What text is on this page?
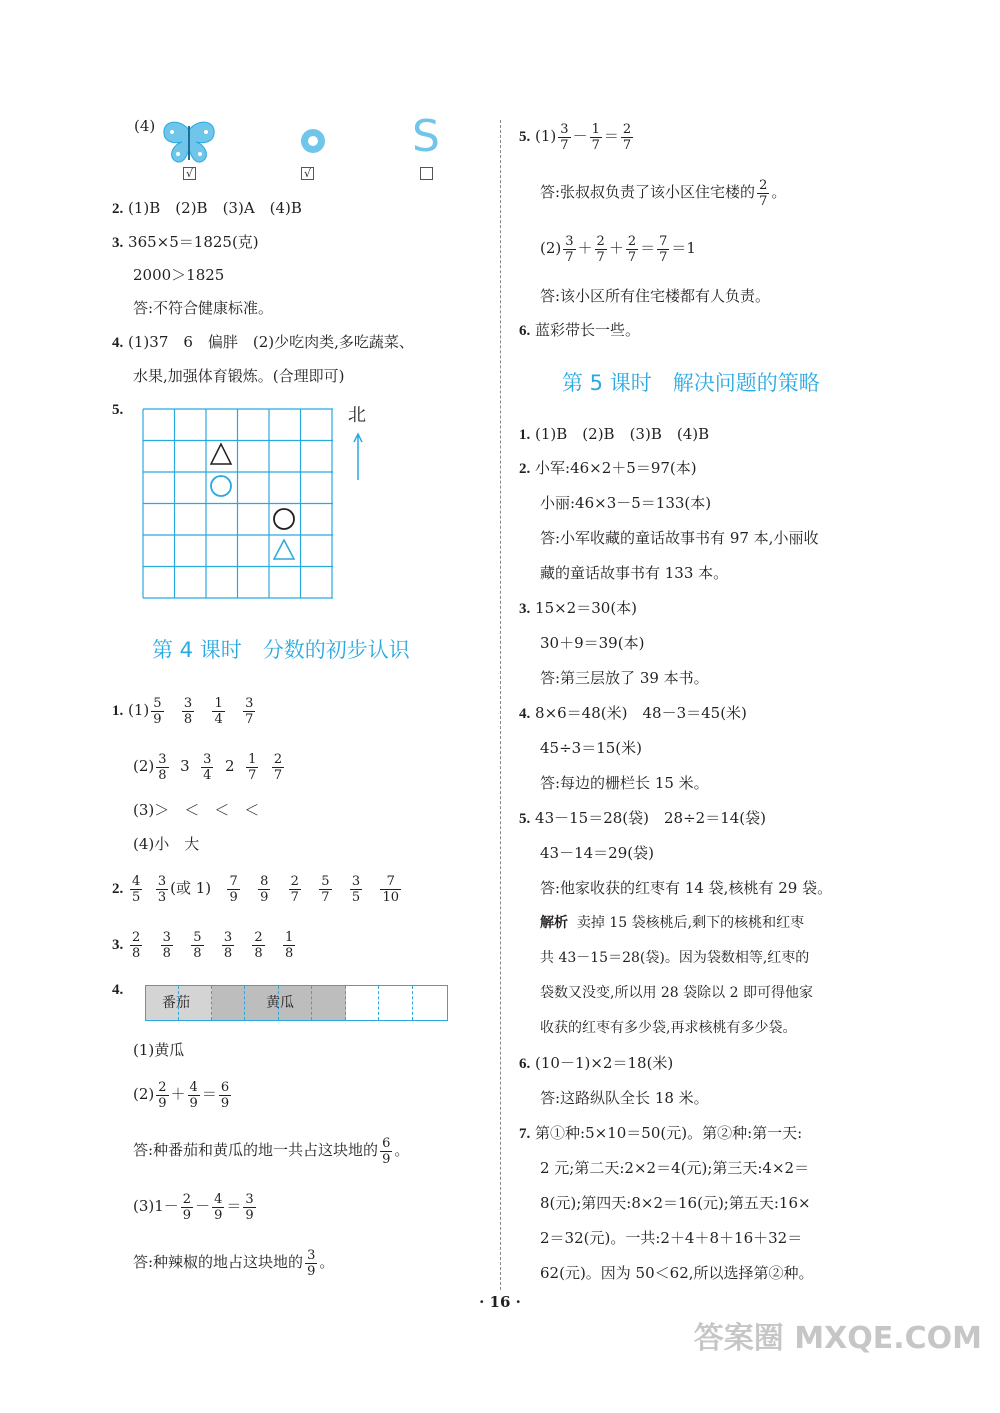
(4)	S
√	√
2. (1)B　(2)B　(3)A　(4)B
3. 365×5＝1825(克)
2000＞1825
答:不符合健康标准。
4. (1)37　6　偏胖　(2)少吃肉类,多吃蔬菜、
水果,加强体育锻炼。(合理即可)
5.	北
第 4 课时　分数的初步认识
1. $(1) \frac{5}{9}$
$\frac{3}{8}$
$\frac{1}{4}$
$\frac{3}{7}$
$(2) \frac{3}{8} 3 \frac{3}{4} 2 \frac{1}{7}$
$\frac{2}{7}$
(3)＞　＜　＜　＜
(4)小　大
2. $\frac{4}{5}$
$\frac{3}{3}$ (或 $1) \frac{7}{9}$
$\frac{8}{9}$
$\frac{2}{7}$
$\frac{5}{7}$
$\frac{3}{5}$
$\frac{7}{10}$
3. $\frac{2}{8}$
$\frac{3}{8}$
$\frac{5}{8}$
$\frac{3}{8}$
$\frac{2}{8}$
$\frac{1}{8}$
4.
番茄	黄瓜
(1)黄瓜
$(2) \frac{2}{9} + \frac{4}{9} = \frac{6}{9}$
答:种番茄和黄瓜的地一共占这块地的 $\frac{6}{9}$ 。
$(3)1- \frac{2}{9} - \frac{4}{9} = \frac{3}{9}$
答:种辣椒的地占这块地的 $\frac{3}{9}$ 。
5. $(1) \frac{3}{7} - \frac{1}{7} = \frac{2}{7}$
答:张叔叔负责了该小区住宅楼的 $\frac{2}{7}$ 。
$(2) \frac{3}{7} + \frac{2}{7} + \frac{2}{7} = \frac{7}{7} =1$
答:该小区所有住宅楼都有人负责。
6. 蓝彩带长一些。
第 5 课时　解决问题的策略
1. (1)B　(2)B　(3)B　(4)B
2. 小军:46×2＋5＝97(本)
小丽:46×3－5＝133(本)
答:小军收藏的童话故事书有 97 本,小丽收
藏的童话故事书有 133 本。
3. 15×2＝30(本)
30＋9＝39(本)
答:第三层放了 39 本书。
4. 8×6＝48(米)　48－3＝45(米)
45÷3＝15(米)
答:每边的栅栏长 15 米。
5. 43－15＝28(袋)　28÷2＝14(袋)
43－14＝29(袋)
答:他家收获的红枣有 14 袋,核桃有 29 袋。
解析 卖掉 15 袋核桃后,剩下的核桃和红枣
共 43－15＝28(袋)。因为袋数相等,红枣的
袋数又没变,所以用 28 袋除以 2 即可得他家
收获的红枣有多少袋,再求核桃有多少袋。
6. (10－1)×2＝18(米)
答:这路纵队全长 18 米。
7. 第①种:5×10＝50(元)。第②种:第一天:
2 元;第二天:2×2＝4(元);第三天:4×2＝
8(元);第四天:8×2＝16(元);第五天:16×
2＝32(元)。一共:2＋4＋8＋16＋32＝
62(元)。因为 50＜62,所以选择第②种。
· 16 ·
答案圈 MXQE.COM
